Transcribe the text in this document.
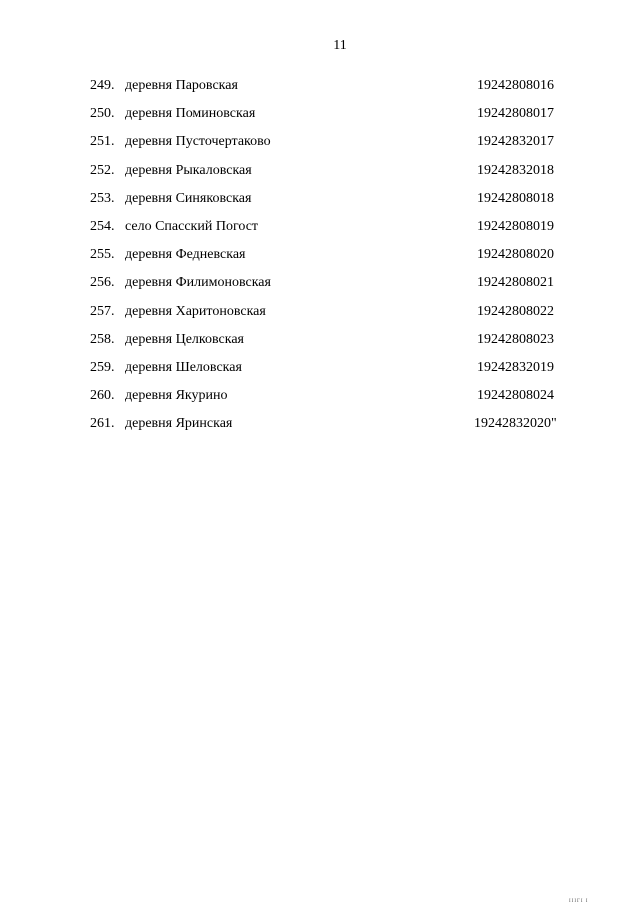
11
249. деревня Паровская	19242808016
250. деревня Поминовская	19242808017
251. деревня Пусточертаково	19242832017
252. деревня Рыкаловская	19242832018
253. деревня Синяковская	19242808018
254. село Спасский Погост	19242808019
255. деревня Федневская	19242808020
256. деревня Филимоновская	19242808021
257. деревня Харитоновская	19242808022
258. деревня Целковская	19242808023
259. деревня Шеловская	19242832019
260. деревня Якурино	19242808024
261. деревня Яринская	19242832020"
IIIГI I
